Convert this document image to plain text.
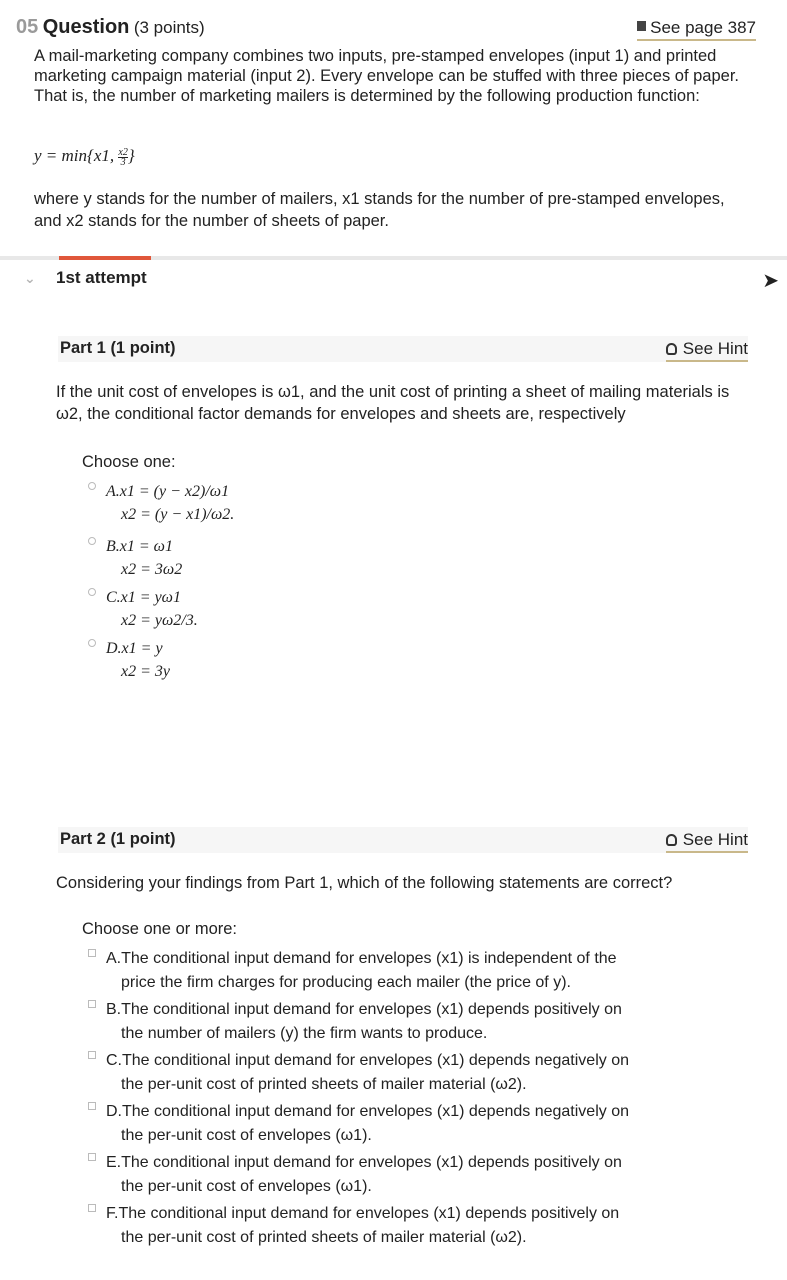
05 Question (3 points)	See page 387
A mail-marketing company combines two inputs, pre-stamped envelopes (input 1) and printed marketing campaign material (input 2). Every envelope can be stuffed with three pieces of paper. That is, the number of marketing mailers is determined by the following production function:
y = min{x1, $\frac{x2}{3}$}
where y stands for the number of mailers, x1 stands for the number of pre-stamped envelopes, and x2 stands for the number of sheets of paper.
⌄ 1st attempt	➤
Part 1 (1 point)	See Hint
If the unit cost of envelopes is ω1, and the unit cost of printing a sheet of mailing materials is ω2, the conditional factor demands for envelopes and sheets are, respectively
Choose one:
A.x1 = (y − x2)/ω1
x2 = (y − x1)/ω2.
B.x1 = ω1
x2 = 3ω2
C.x1 = yω1
x2 = yω2/3.
D.x1 = y
x2 = 3y
Part 2 (1 point)	See Hint
Considering your findings from Part 1, which of the following statements are correct?
Choose one or more:
A.The conditional input demand for envelopes (x1) is independent of the
price the firm charges for producing each mailer (the price of y).
B.The conditional input demand for envelopes (x1) depends positively on
the number of mailers (y) the firm wants to produce.
C.The conditional input demand for envelopes (x1) depends negatively on
the per-unit cost of printed sheets of mailer material (ω2).
D.The conditional input demand for envelopes (x1) depends negatively on
the per-unit cost of envelopes (ω1).
E.The conditional input demand for envelopes (x1) depends positively on
the per-unit cost of envelopes (ω1).
F.The conditional input demand for envelopes (x1) depends positively on
the per-unit cost of printed sheets of mailer material (ω2).
